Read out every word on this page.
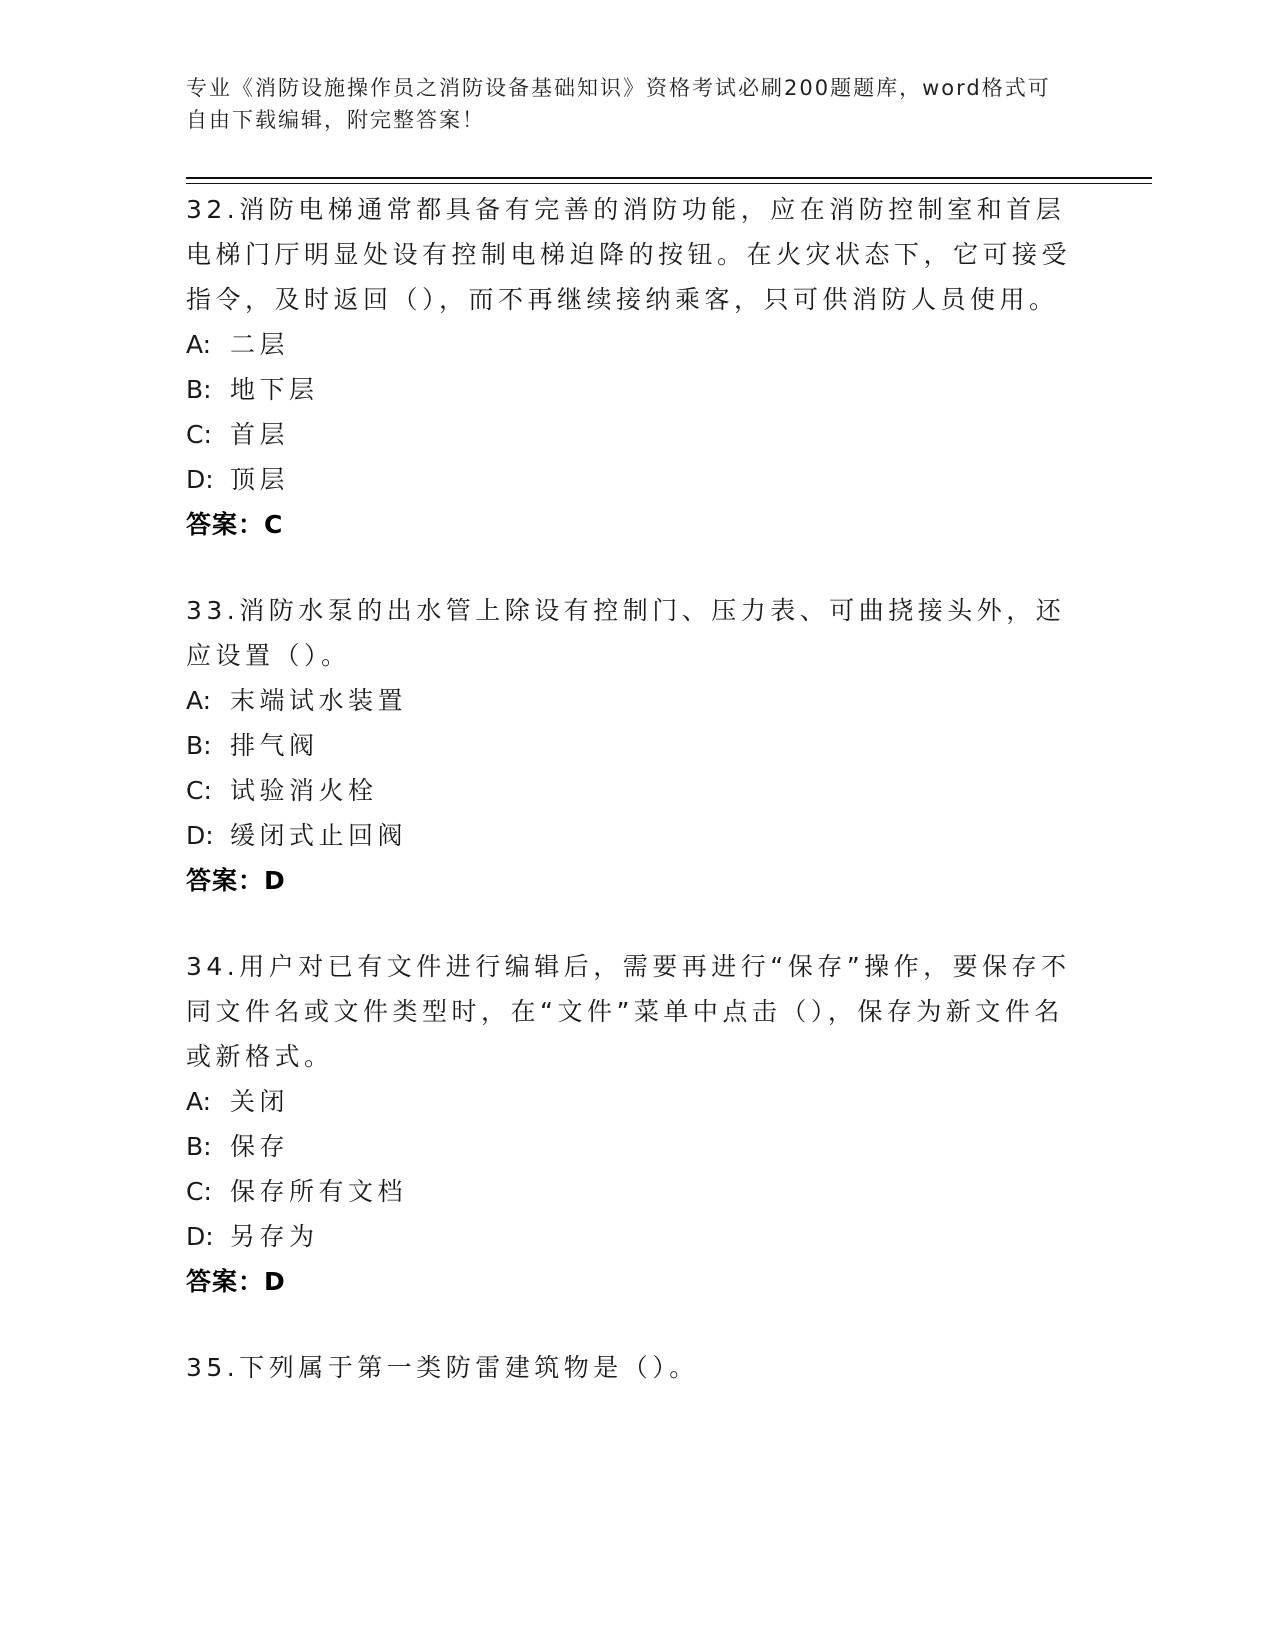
专业《消防设施操作员之消防设备基础知识》资格考试必刷200题题库，word格式可自由下载编辑，附完整答案！

32.消防电梯通常都具备有完善的消防功能，应在消防控制室和首层电梯门厅明显处设有控制电梯迫降的按钮。在火灾状态下，它可接受指令，及时返回（），而不再继续接纳乘客，只可供消防人员使用。

A: 二层
B: 地下层
C: 首层
D: 顶层
答案：C

33.消防水泵的出水管上除设有控制门、压力表、可曲挠接头外，还应设置（）。

A: 末端试水装置
B: 排气阀
C: 试验消火栓
D: 缓闭式止回阀
答案：D

34.用户对已有文件进行编辑后，需要再进行“保存”操作，要保存不同文件名或文件类型时，在“文件”菜单中点击（），保存为新文件名或新格式。

A: 关闭
B: 保存
C: 保存所有文档
D: 另存为
答案：D

35.下列属于第一类防雷建筑物是（）。
